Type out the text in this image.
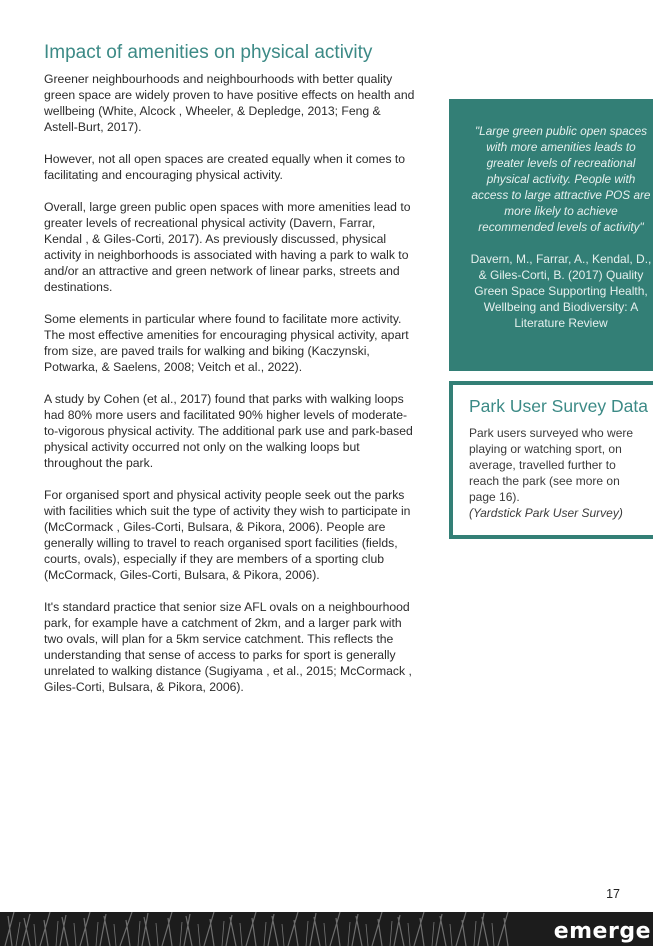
Impact of amenities on physical activity

Greener neighbourhoods and neighbourhoods with better quality green space are widely proven to have positive effects on health and wellbeing (White, Alcock , Wheeler, & Depledge, 2013; Feng & Astell-Burt, 2017).

However, not all open spaces are created equally when it comes to facilitating and encouraging physical activity.

Overall, large green public open spaces with more amenities lead to greater levels of recreational physical activity (Davern, Farrar, Kendal , & Giles-Corti, 2017). As previously discussed, physical activity in neighborhoods is associated with having a park to walk to and/or an attractive and green network of linear parks, streets and destinations.

Some elements in particular where found to facilitate more activity. The most effective amenities for encouraging physical activity, apart from size, are paved trails for walking and biking (Kaczynski, Potwarka, & Saelens, 2008; Veitch et al., 2022).

A study by Cohen (et al., 2017) found that parks with walking loops had 80% more users and facilitated 90% higher levels of moderate-to-vigorous physical activity. The additional park use and park-based physical activity occurred not only on the walking loops but throughout the park.

For organised sport and physical activity people seek out the parks with facilities which suit the type of activity they wish to participate in (McCormack , Giles-Corti, Bulsara, & Pikora, 2006). People are generally willing to travel to reach organised sport facilities (fields, courts, ovals), especially if they are members of a sporting club (McCormack, Giles-Corti, Bulsara, & Pikora, 2006).

It's standard practice that senior size AFL ovals on a neighbourhood park, for example have a catchment of 2km, and a larger park with two ovals, will plan for a 5km service catchment. This reflects the understanding that sense of access to parks for sport is generally unrelated to walking distance (Sugiyama , et al., 2015; McCormack , Giles-Corti, Bulsara, & Pikora, 2006).

"Large green public open spaces with more amenities leads to greater levels of recreational physical activity. People with access to large attractive POS are more likely to achieve recommended levels of activity"

Davern, M., Farrar, A., Kendal, D., & Giles-Corti, B. (2017) Quality Green Space Supporting Health, Wellbeing and Biodiversity: A Literature Review

Park User Survey Data

Park users surveyed who were playing or watching sport, on average, travelled further to reach the park (see more on page 16).
(Yardstick Park User Survey)

17
emerge
